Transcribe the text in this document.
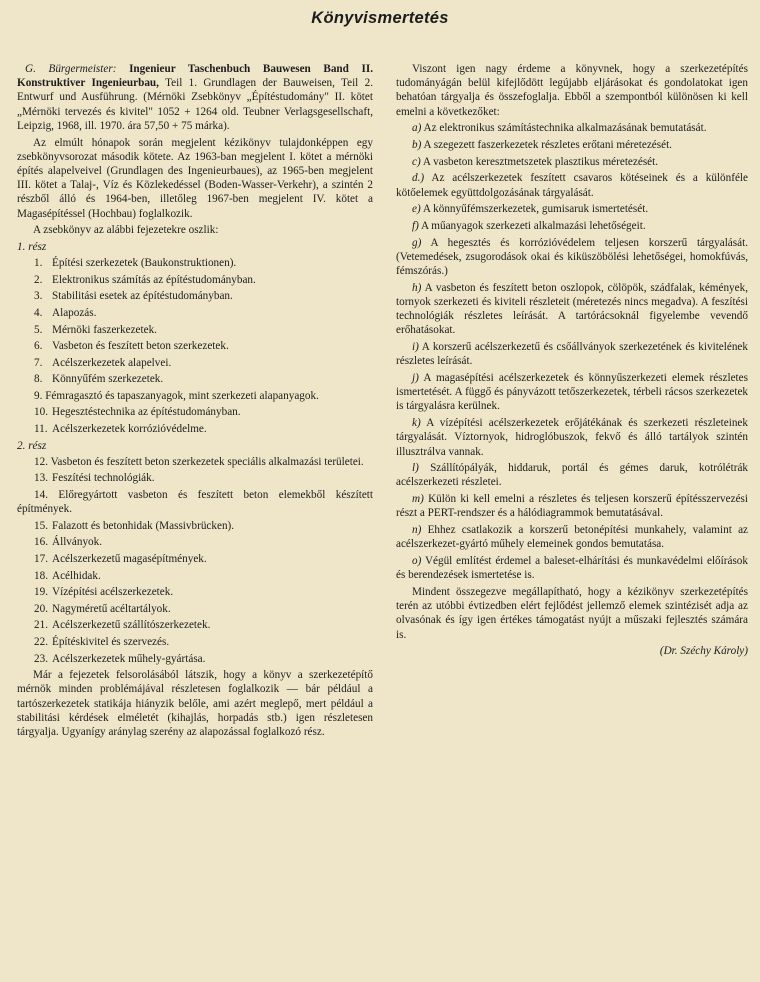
Könyvismertetés

G. Bürgermeister: Ingenieur Taschenbuch Bauwesen Band II. Konstruktiver Ingenieurbau, Teil 1. Grundlagen der Bauweisen, Teil 2. Entwurf und Ausführung. (Mérnöki Zsebkönyv „Építéstudomány" II. kötet „Mérnöki tervezés és kivitel" 1052 + 1264 old. Teubner Verlagsgesellschaft, Leipzig, 1968, ill. 1970. ára 57,50 + 75 márka).

Az elmúlt hónapok során megjelent kézikönyv tulajdonképpen egy zsebkönyvsorozat második kötete. Az 1963-ban megjelent I. kötet a mérnöki építés alapelveivel (Grundlagen des Ingenieurbaues), az 1965-ben megjelent III. kötet a Talaj-, Víz és Közlekedéssel (Boden-Wasser-Verkehr), a szintén 2 részből álló és 1964-ben, illetőleg 1967-ben megjelent IV. kötet a Magasépítéssel (Hochbau) foglalkozik.

A zsebkönyv az alábbi fejezetekre oszlik:

1. rész
1. Építési szerkezetek (Baukonstruktionen).
2. Elektronikus számítás az építéstudományban.
3. Stabilitási esetek az építéstudományban.
4. Alapozás.
5. Mérnöki faszerkezetek.
6. Vasbeton és feszített beton szerkezetek.
7. Acélszerkezetek alapelvei.
8. Könnyűfém szerkezetek.
9. Fémragasztó és tapaszanyagok, mint szerkezeti alapanyagok.
10. Hegesztéstechnika az építéstudományban.
11. Acélszerkezetek korrózióvédelme.
2. rész
12. Vasbeton és feszített beton szerkezetek speciális alkalmazási területei.
13. Feszítési technológiák.
14. Előregyártott vasbeton és feszített beton elemekből készített építmények.
15. Falazott és betonhidak (Massivbrücken).
16. Állványok.
17. Acélszerkezetű magasépítmények.
18. Acélhidak.
19. Vízépítési acélszerkezetek.
20. Nagyméretű acéltartályok.
21. Acélszerkezetű szállítószerkezetek.
22. Építéskivitel és szervezés.
23. Acélszerkezetek műhely-gyártása.

Már a fejezetek felsorolásából látszik, hogy a könyv a szerkezetépítő mérnök minden problémájával részletesen foglalkozik — bár például a tartószerkezetek statikája hiányzik belőle, ami azért meglepő, mert például a stabilitási kérdések elméletét (kihajlás, horpadás stb.) igen részletesen tárgyalja. Ugyanígy aránylag szerény az alapozással foglalkozó rész.

Viszont igen nagy érdeme a könyvnek, hogy a szerkezetépítés tudományágán belül kifejlődött legújabb eljárásokat és gondolatokat igen behatóan tárgyalja és összefoglalja. Ebből a szempontból különösen ki kell emelni a következőket:

a) Az elektronikus számítástechnika alkalmazásának bemutatását.

b) A szegezett faszerkezetek részletes erőtani méretezését.

c) A vasbeton keresztmetszetek plasztikus méretezését.

d.) Az acélszerkezetek feszített csavaros kötéseinek és a különféle kötőelemek együttdolgozásának tárgyalását.

e) A könnyűfémszerkezetek, gumisaruk ismertetését.

f) A műanyagok szerkezeti alkalmazási lehetőségeit.

g) A hegesztés és korrózióvédelem teljesen korszerű tárgyalását. (Vetemedések, zsugorodások okai és kiküszöbölési lehetőségei, homokfúvás, fémszórás.)

h) A vasbeton és feszített beton oszlopok, cölöpök, szádfalak, kémények, tornyok szerkezeti és kiviteli részleteit (méretezés nincs megadva). A feszítési technológiák részletes leírását. A tartórácsoknál figyelembe vevendő erőhatásokat.

i) A korszerű acélszerkezetű és csőállványok szerkezetének és kivitelének részletes leírását.

j) A magasépítési acélszerkezetek és könnyűszerkezeti elemek részletes ismertetését. A függő és pányvázott tetőszerkezetek, térbeli rácsos szerkezetek is tárgyalásra kerülnek.

k) A vízépítési acélszerkezetek erőjátékának és szerkezeti részleteinek tárgyalását. Víztornyok, hidroglóbuszok, fekvő és álló tartályok szintén illusztrálva vannak.

l) Szállítópályák, hiddaruk, portál és gémes daruk, kotrólétrák acélszerkezeti részletei.

m) Külön ki kell emelni a részletes és teljesen korszerű építésszervezési részt a PERT-rendszer és a hálódiagrammok bemutatásával.

n) Ehhez csatlakozik a korszerű betonépítési munkahely, valamint az acélszerkezet-gyártó műhely elemeinek gondos bemutatása.

o) Végül említést érdemel a baleset-elhárítási és munkavédelmi előírások és berendezések ismertetése is.

Mindent összegezve megállapítható, hogy a kézikönyv szerkezetépítés terén az utóbbi évtizedben elért fejlődést jellemző elemek szintézisét adja az olvasónak és így igen értékes támogatást nyújt a műszaki fejlesztés számára is.

(Dr. Széchy Károly)
